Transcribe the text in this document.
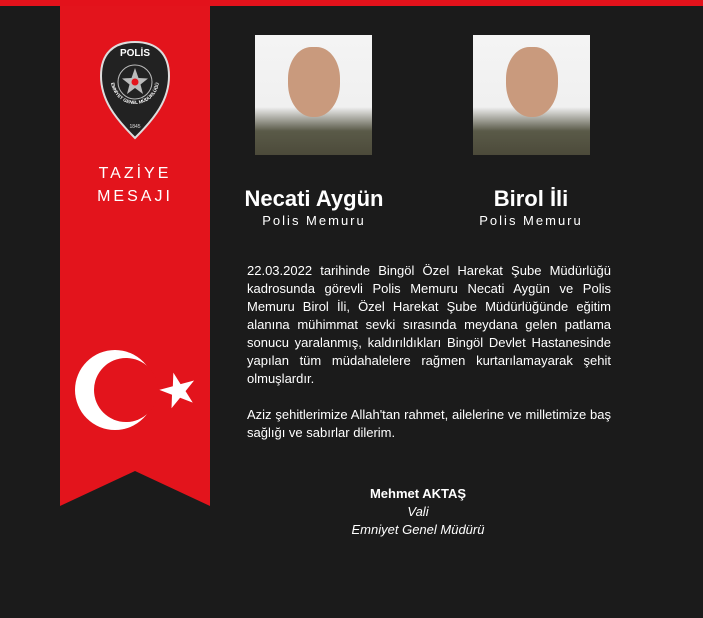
POLİS
EMNİYET GENEL MÜDÜRLÜĞÜ
1845
TAZİYE
MESAJI	Necati Aygün
Polis Memuru
Birol İli
Polis Memuru

22.03.2022 tarihinde Bingöl Özel Harekat Şube Müdürlüğü kadrosunda görevli Polis Memuru Necati Aygün ve Polis Memuru Birol İli, Özel Harekat Şube Müdürlüğünde eğitim alanına mühimmat sevki sırasında meydana gelen patlama sonucu yaralanmış, kaldırıldıkları Bingöl Devlet Hastanesinde yapılan tüm müdahalelere rağmen kurtarılamayarak şehit olmuşlardır.

Aziz şehitlerimize Allah'tan rahmet, ailelerine ve milletimize baş sağlığı ve sabırlar dilerim.

Mehmet AKTAŞ
Vali
Emniyet Genel Müdürü
